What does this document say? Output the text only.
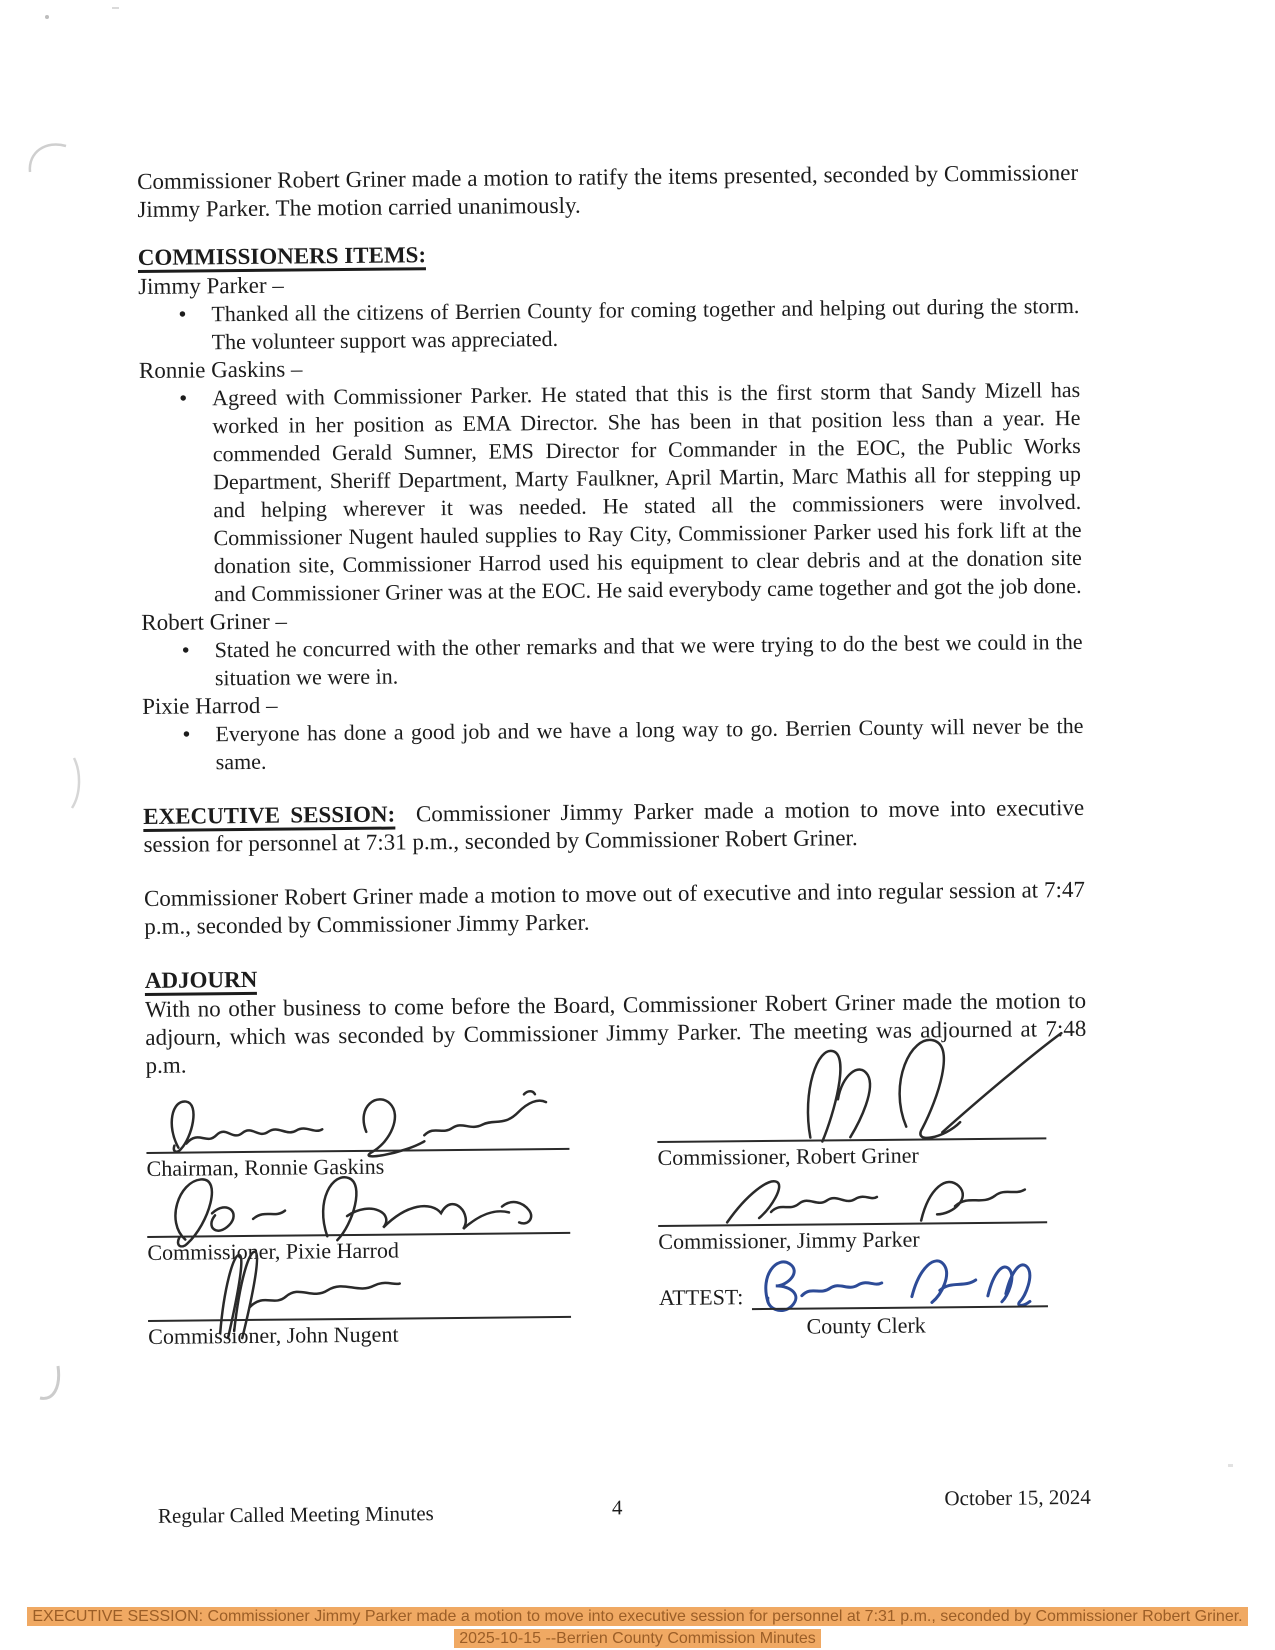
Commissioner Robert Griner made a motion to ratify the items presented, seconded by Commissioner Jimmy Parker. The motion carried unanimously.

COMMISSIONERS ITEMS:
Jimmy Parker –
• Thanked all the citizens of Berrien County for coming together and helping out during the storm. The volunteer support was appreciated.
Ronnie Gaskins –
• Agreed with Commissioner Parker. He stated that this is the first storm that Sandy Mizell has worked in her position as EMA Director. She has been in that position less than a year. He commended Gerald Sumner, EMS Director for Commander in the EOC, the Public Works Department, Sheriff Department, Marty Faulkner, April Martin, Marc Mathis all for stepping up and helping wherever it was needed. He stated all the commissioners were involved. Commissioner Nugent hauled supplies to Ray City, Commissioner Parker used his fork lift at the donation site, Commissioner Harrod used his equipment to clear debris and at the donation site and Commissioner Griner was at the EOC. He said everybody came together and got the job done.
Robert Griner –
• Stated he concurred with the other remarks and that we were trying to do the best we could in the situation we were in.
Pixie Harrod –
• Everyone has done a good job and we have a long way to go. Berrien County will never be the same.

EXECUTIVE SESSION: Commissioner Jimmy Parker made a motion to move into executive session for personnel at 7:31 p.m., seconded by Commissioner Robert Griner.

Commissioner Robert Griner made a motion to move out of executive and into regular session at 7:47 p.m., seconded by Commissioner Jimmy Parker.

ADJOURN

With no other business to come before the Board, Commissioner Robert Griner made the motion to adjourn, which was seconded by Commissioner Jimmy Parker. The meeting was adjourned at 7:48 p.m.

Chairman, Ronnie Gaskins	Commissioner, Robert Griner
Commissioner, Pixie Harrod	Commissioner, Jimmy Parker
Commissioner, John Nugent
ATTEST:
County Clerk
Regular Called Meeting Minutes	4	October 15, 2024
EXECUTIVE SESSION: Commissioner Jimmy Parker made a motion to move into executive session for personnel at 7:31 p.m., seconded by Commissioner Robert Griner.
2025-10-15 --Berrien County Commission Minutes
